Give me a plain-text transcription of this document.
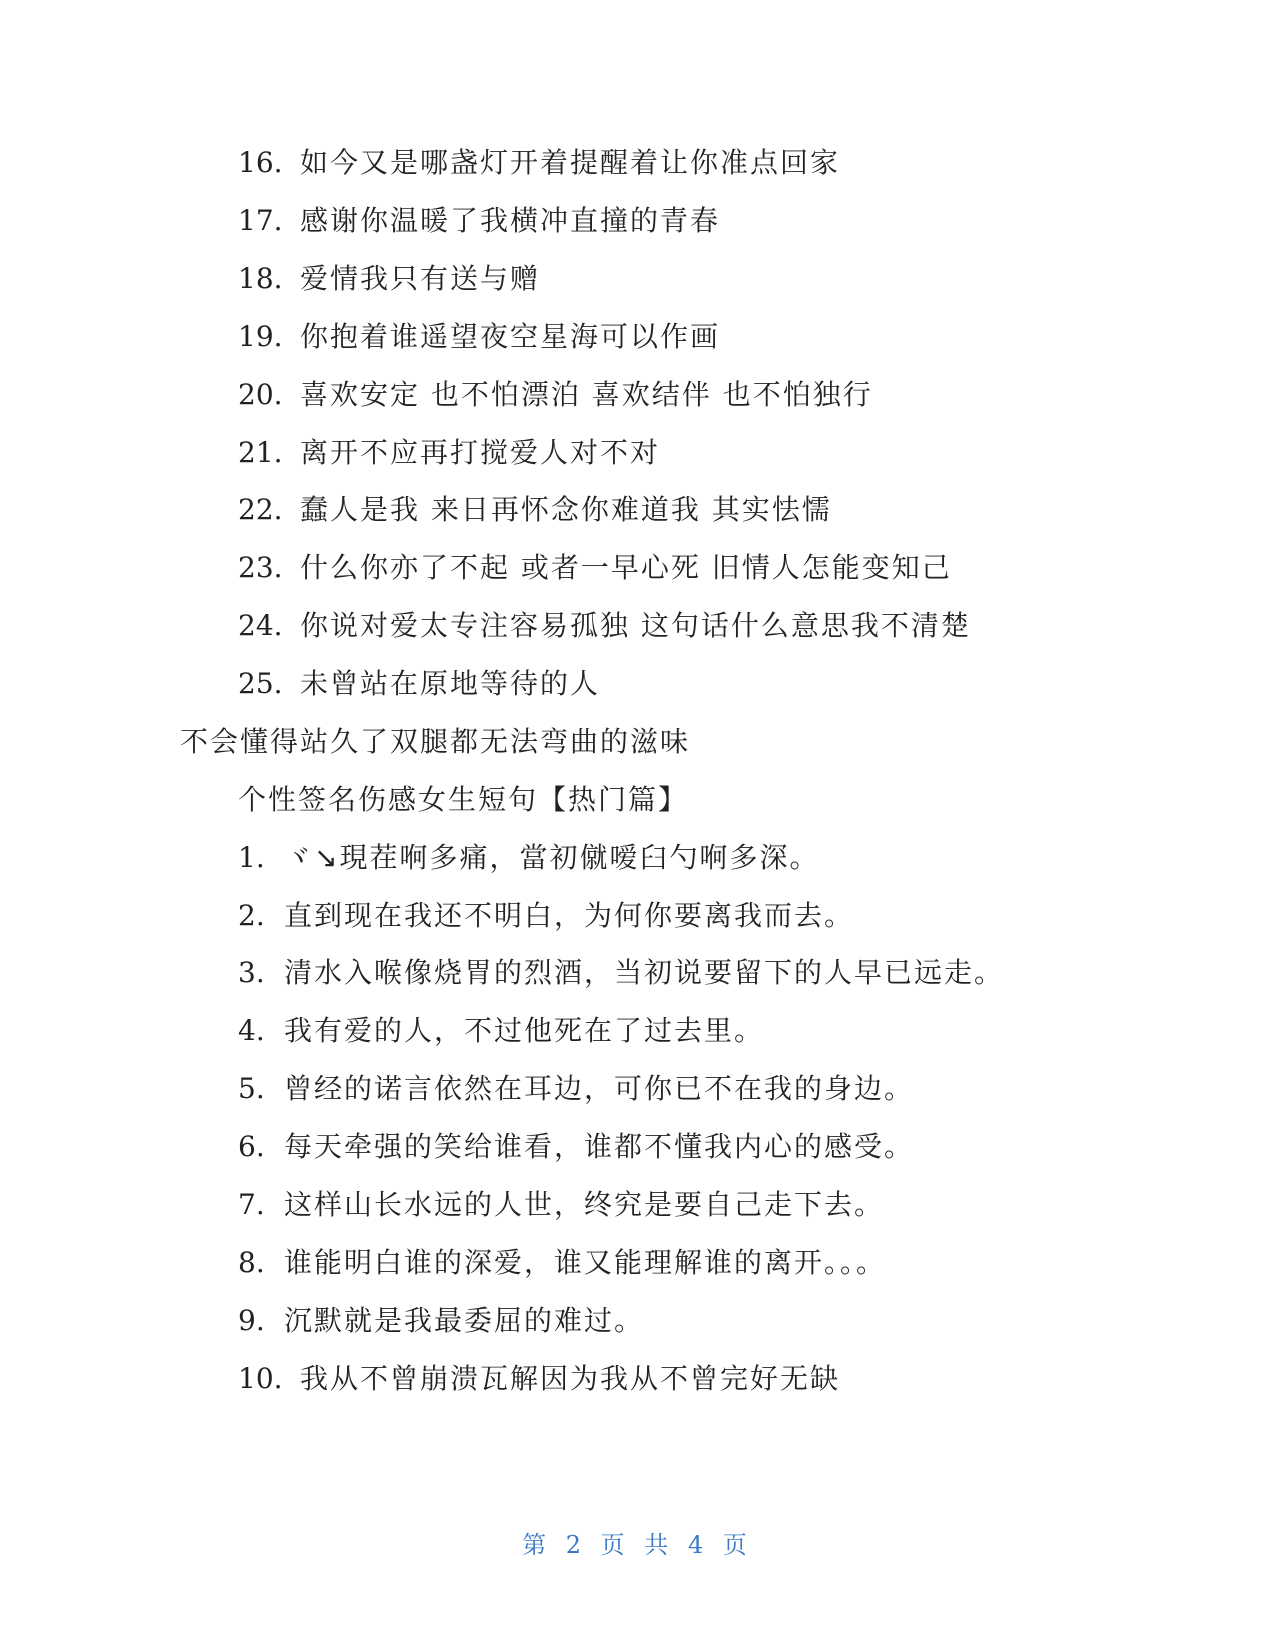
16. 如今又是哪盏灯开着提醒着让你准点回家
17. 感谢你温暖了我横冲直撞的青春
18. 爱情我只有送与赠
19. 你抱着谁遥望夜空星海可以作画
20. 喜欢安定 也不怕漂泊 喜欢结伴 也不怕独行
21. 离开不应再打搅爱人对不对
22. 蠢人是我 来日再怀念你难道我 其实怯懦
23. 什么你亦了不起 或者一早心死 旧情人怎能变知己
24. 你说对爱太专注容易孤独 这句话什么意思我不清楚
25. 未曾站在原地等待的人
不会懂得站久了双腿都无法弯曲的滋味
个性签名伤感女生短句【热门篇】
1. ヾ↘現茬哬多痛，當初僦嗳臼勺哬多深。
2. 直到现在我还不明白，为何你要离我而去。
3. 清水入喉像烧胃的烈酒，当初说要留下的人早已远走。
4. 我有爱的人，不过他死在了过去里。
5. 曾经的诺言依然在耳边，可你已不在我的身边。
6. 每天牵强的笑给谁看，谁都不懂我内心的感受。
7. 这样山长水远的人世，终究是要自己走下去。
8. 谁能明白谁的深爱，谁又能理解谁的离开。。。
9. 沉默就是我最委屈的难过。
10. 我从不曾崩溃瓦解因为我从不曾完好无缺
第 2 页 共 4 页
